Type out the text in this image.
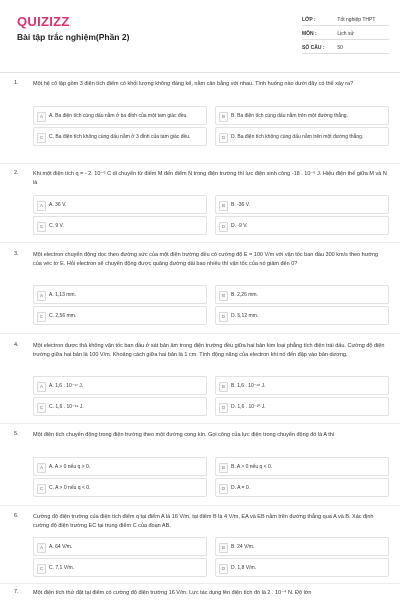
QUIZIZZ
Bài tập trắc nghiệm(Phần 2)
LỚP :	Tốt nghiệp THPT
MÔN :	Lịch sử
SỐ CÂU :	50
1.	Một hệ cô lập gồm 3 điện tích điểm có khối lượng không đáng kể, nằm cân bằng với nhau. Tình huống nào dưới đây có thể xảy ra?
A	A. Ba điện tích cùng dấu nằm ở ba đỉnh của một tam giác đều.	B	B. Ba điện tích cùng dấu nằm trên một đường thẳng.
C	C. Ba điện tích không cùng dấu nằm ở 3 đỉnh của tam giác đều.	D	D. Ba điện tích không cùng dấu nằm trên một đường thẳng.
2.	Khi một điện tích q = - 2. 10⁻⁶ C di chuyển từ điểm M đến điểm N trong điện trường thì lực điện sinh công -18 . 10⁻⁶ J. Hiệu điện thế giữa M và N là
A	A. 36 V.	B	B. -36 V.
C	C. 9 V.	D	D. -9 V.
3.	Một electron chuyển động dọc theo đường sức của một điện trường đều có cường độ E = 100 V/m với vận tốc ban đầu 300 km/s theo hướng của véc tơ E. Hỏi electron sẽ chuyển động được quãng đường dài bao nhiêu thì vận tốc của nó giảm đến 0?
A	A. 1,13 mm.	B	B. 2,26 mm.
C	C. 2,56 mm.	D	D. 5,12 mm.
4.	Một electron được thả không vận tốc ban đầu ở sát bản âm trong điện trường đều giữa hai bản kim loại phẳng tích điện trái dấu. Cường độ điện trường giữa hai bản là 100 V/m. Khoảng cách giữa hai bản là 1 cm. Tính động năng của electron khi nó đến đập vào bản dương.
A	A. 1,6 . 10⁻¹⁷ J.	B	B. 1,6 . 10⁻¹⁸ J.
C	C. 1,6 . 10⁻¹⁹ J.	D	D. 1,6 . 10⁻²⁰ J.
5.	Một điện tích chuyển động trong điện trường theo một đường cong kín. Gọi công của lực điện trong chuyển động đó là A thì
A	A. A > 0 nếu q > 0.	B	B. A > 0 nếu q < 0.
C	C. A > 0 nếu q < 0.	D	D. A = 0.
6.	Cường độ điện trường của điện tích điểm q tại điểm A là 16 V/m, tại điểm B là 4 V/m, EA và EB nằm trên đường thẳng qua A và B. Xác định cường độ điện trường EC tại trung điểm C của đoạn AB.
A	A. 64 V/m.	B	B. 24 V/m.
C	C. 7,1 V/m.	D	D. 1,8 V/m.
7.	Một điện tích thử đặt tại điểm có cường độ điện trường 16 V/m. Lực tác dụng lên điện tích đó là 2 . 10⁻⁴ N. Độ lớn
